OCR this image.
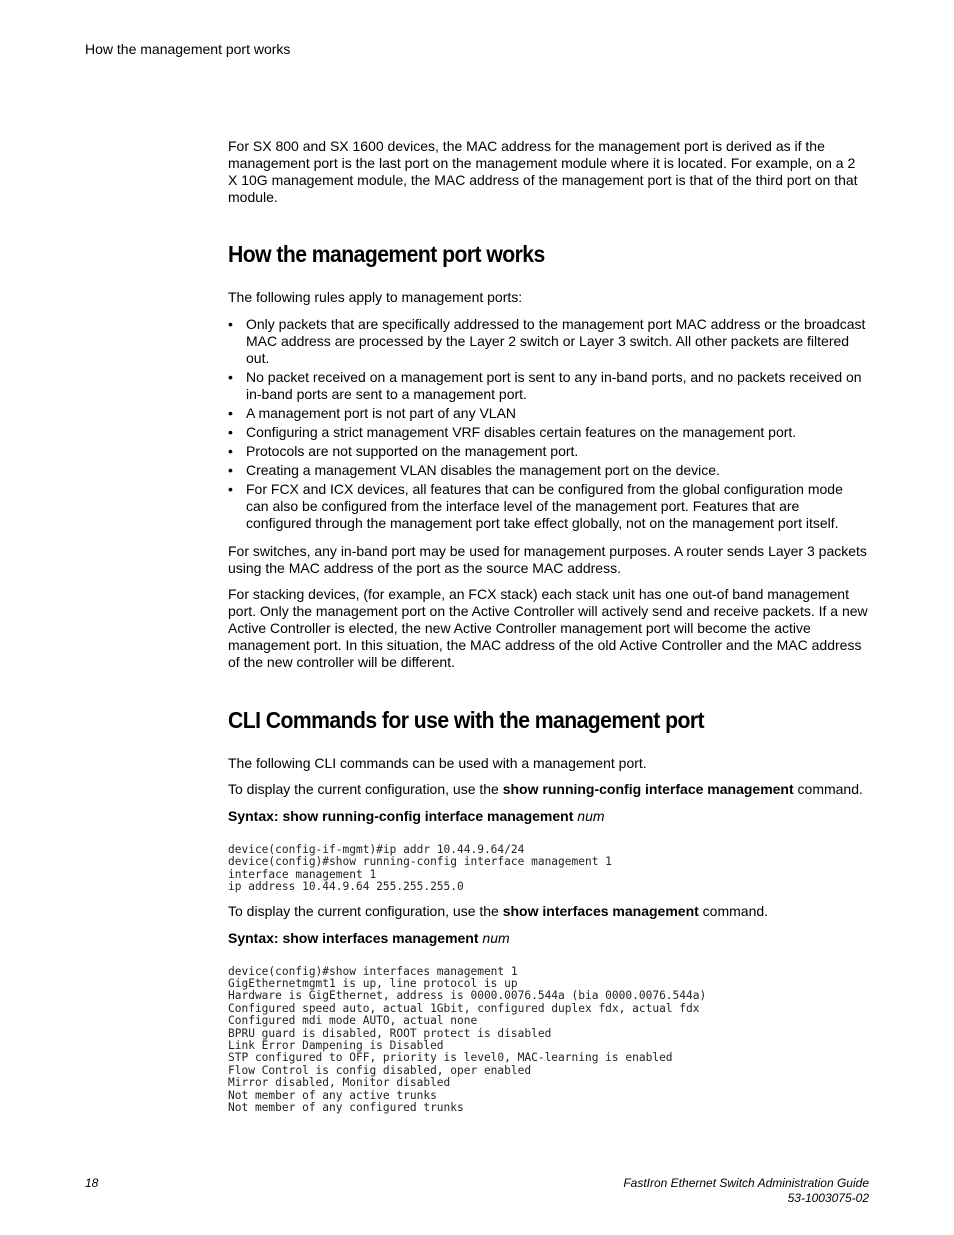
How the management port works

For SX 800 and SX 1600 devices, the MAC address for the management port is derived as if the management port is the last port on the management module where it is located. For example, on a 2 X 10G management module, the MAC address of the management port is that of the third port on that module.

How the management port works

The following rules apply to management ports:

• Only packets that are specifically addressed to the management port MAC address or the broadcast MAC address are processed by the Layer 2 switch or Layer 3 switch. All other packets are filtered out.
• No packet received on a management port is sent to any in-band ports, and no packets received on in-band ports are sent to a management port.
• A management port is not part of any VLAN
• Configuring a strict management VRF disables certain features on the management port.
• Protocols are not supported on the management port.
• Creating a management VLAN disables the management port on the device.
• For FCX and ICX devices, all features that can be configured from the global configuration mode can also be configured from the interface level of the management port. Features that are configured through the management port take effect globally, not on the management port itself.

For switches, any in-band port may be used for management purposes. A router sends Layer 3 packets using the MAC address of the port as the source MAC address.

For stacking devices, (for example, an FCX stack) each stack unit has one out-of band management port. Only the management port on the Active Controller will actively send and receive packets. If a new Active Controller is elected, the new Active Controller management port will become the active management port. In this situation, the MAC address of the old Active Controller and the MAC address of the new controller will be different.

CLI Commands for use with the management port

The following CLI commands can be used with a management port.

To display the current configuration, use the show running-config interface management command.

Syntax: show running-config interface management num
device(config-if-mgmt)#ip addr 10.44.9.64/24
device(config)#show running-config interface management 1
interface management 1
ip address 10.44.9.64 255.255.255.0

To display the current configuration, use the show interfaces management command.

Syntax: show interfaces management num
device(config)#show interfaces management 1
GigEthernetmgmt1 is up, line protocol is up
Hardware is GigEthernet, address is 0000.0076.544a (bia 0000.0076.544a)
Configured speed auto, actual 1Gbit, configured duplex fdx, actual fdx
Configured mdi mode AUTO, actual none
BPRU guard is disabled, ROOT protect is disabled
Link Error Dampening is Disabled
STP configured to OFF, priority is level0, MAC-learning is enabled
Flow Control is config disabled, oper enabled
Mirror disabled, Monitor disabled
Not member of any active trunks
Not member of any configured trunks
18	FastIron Ethernet Switch Administration Guide
53-1003075-02
